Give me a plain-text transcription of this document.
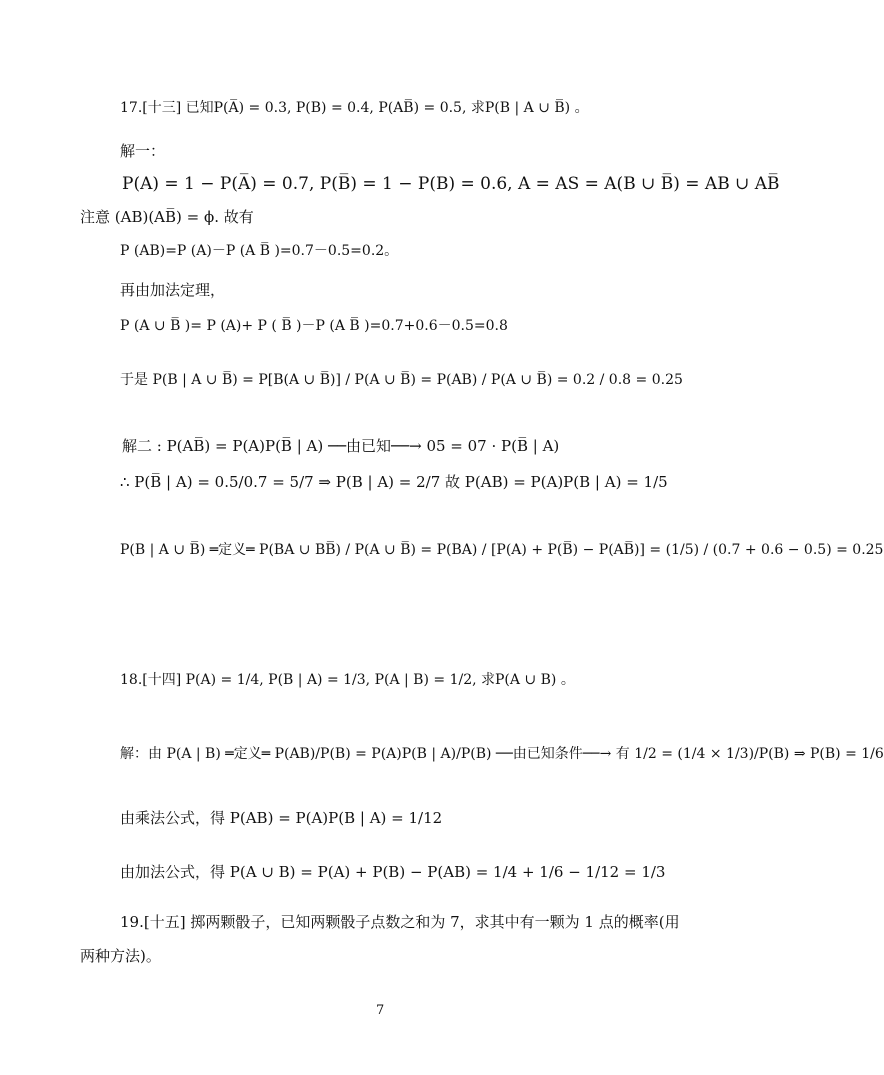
17.[十三] 已知P(A̅) = 0.3, P(B) = 0.4, P(AB̅) = 0.5, 求P(B | A ∪ B̅) 。
解一：
P(A) = 1 − P(A̅) = 0.7, P(B̅) = 1 − P(B) = 0.6, A = AS = A(B ∪ B̅) = AB ∪ AB̅
注意 (AB)(AB̅) = ϕ. 故有
P (AB)=P (A)－P (A B̅ )=0.7－0.5=0.2。
再由加法定理，
P (A ∪ B̅ )= P (A)+ P ( B̅ )－P (A B̅ )=0.7+0.6－0.5=0.8
于是 P(B | A ∪ B̅) = P[B(A ∪ B̅)] / P(A ∪ B̅) = P(AB) / P(A ∪ B̅) = 0.2 / 0.8 = 0.25
解二 : P(AB̅) = P(A)P(B̅ | A) ──由已知──→ 05 = 07 · P(B̅ | A)
∴ P(B̅ | A) = 0.5/0.7 = 5/7 ⇒ P(B | A) = 2/7 故 P(AB) = P(A)P(B | A) = 1/5
P(B | A ∪ B̅) ═定义═ P(BA ∪ BB̅) / P(A ∪ B̅) = P(BA) / [P(A) + P(B̅) − P(AB̅)] = (1/5) / (0.7 + 0.6 − 0.5) = 0.25
18.[十四] P(A) = 1/4, P(B | A) = 1/3, P(A | B) = 1/2, 求P(A ∪ B) 。
解：由 P(A | B) ═定义═ P(AB)/P(B) = P(A)P(B | A)/P(B) ──由已知条件──→ 有 1/2 = (1/4 × 1/3)/P(B) ⇒ P(B) = 1/6
由乘法公式，得 P(AB) = P(A)P(B | A) = 1/12
由加法公式，得 P(A ∪ B) = P(A) + P(B) − P(AB) = 1/4 + 1/6 − 1/12 = 1/3
19.[十五] 掷两颗骰子，已知两颗骰子点数之和为 7，求其中有一颗为 1 点的概率(用两种方法)。
7
